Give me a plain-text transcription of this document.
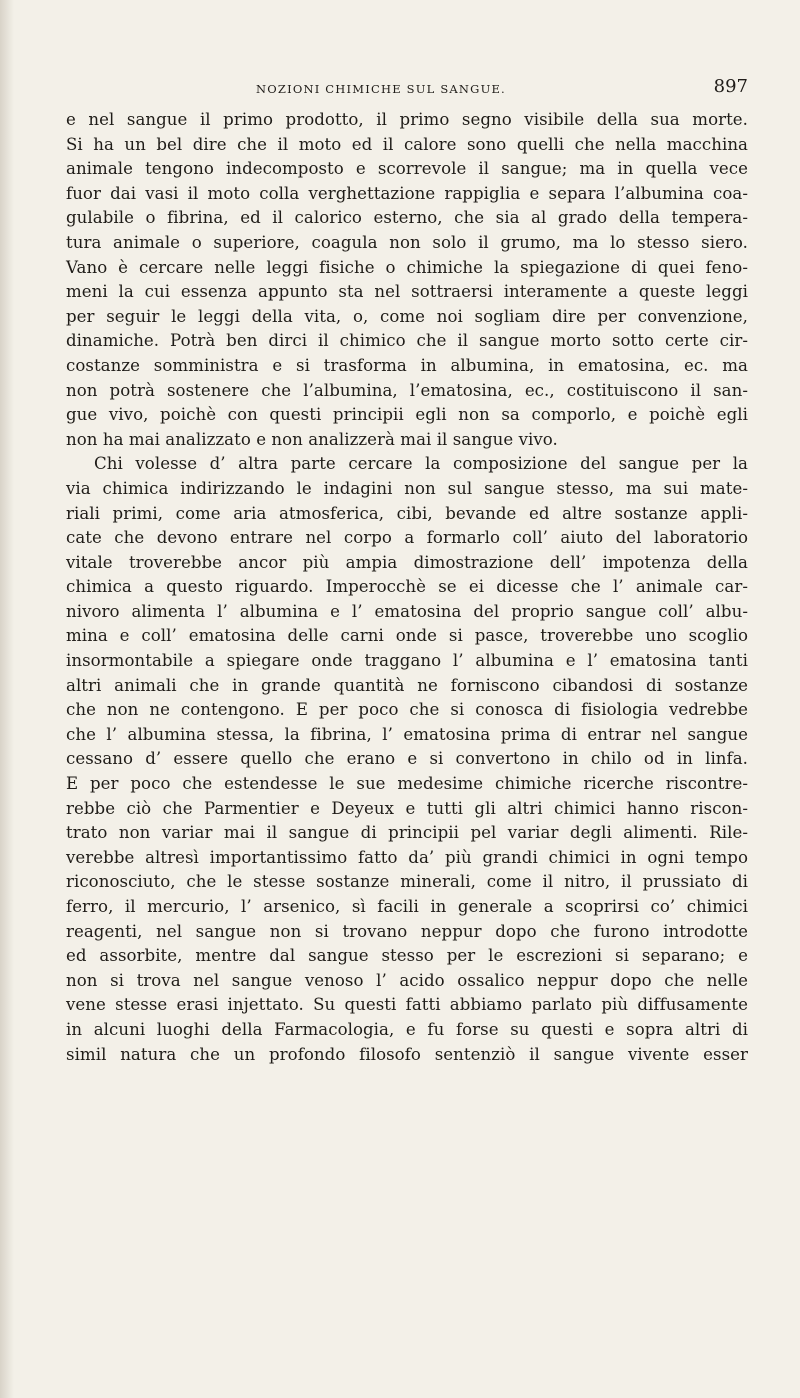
NOZIONI CHIMICHE SUL SANGUE.	897
e nel sangue il primo prodotto, il primo segno visibile della sua morte.
Si ha un bel dire che il moto ed il calore sono quelli che nella macchina
animale tengono indecomposto e scorrevole il sangue; ma in quella vece
fuor dai vasi il moto colla verghettazione rappiglia e separa l’albumina coa-
gulabile o fibrina, ed il calorico esterno, che sia al grado della tempera-
tura animale o superiore, coagula non solo il grumo, ma lo stesso siero.
Vano è cercare nelle leggi fisiche o chimiche la spiegazione di quei feno-
meni la cui essenza appunto sta nel sottraersi interamente a queste leggi
per seguir le leggi della vita, o, come noi sogliam dire per convenzione,
dinamiche. Potrà ben dirci il chimico che il sangue morto sotto certe cir-
costanze somministra e si trasforma in albumina, in ematosina, ec. ma
non potrà sostenere che l’albumina, l’ematosina, ec., costituiscono il san-
gue vivo, poichè con questi principii egli non sa comporlo, e poichè egli
non ha mai analizzato e non analizzerà mai il sangue vivo.
Chi volesse d’ altra parte cercare la composizione del sangue per la
via chimica indirizzando le indagini non sul sangue stesso, ma sui mate-
riali primi, come aria atmosferica, cibi, bevande ed altre sostanze appli-
cate che devono entrare nel corpo a formarlo coll’ aiuto del laboratorio
vitale troverebbe ancor più ampia dimostrazione dell’ impotenza della
chimica a questo riguardo. Imperocchè se ei dicesse che l’ animale car-
nivoro alimenta l’ albumina e l’ ematosina del proprio sangue coll’ albu-
mina e coll’ ematosina delle carni onde si pasce, troverebbe uno scoglio
insormontabile a spiegare onde traggano l’ albumina e l’ ematosina tanti
altri animali che in grande quantità ne forniscono cibandosi di sostanze
che non ne contengono. E per poco che si conosca di fisiologia vedrebbe
che l’ albumina stessa, la fibrina, l’ ematosina prima di entrar nel sangue
cessano d’ essere quello che erano e si convertono in chilo od in linfa.
E per poco che estendesse le sue medesime chimiche ricerche riscontre-
rebbe ciò che Parmentier e Deyeux e tutti gli altri chimici hanno riscon-
trato non variar mai il sangue di principii pel variar degli alimenti. Rile-
verebbe altresì importantissimo fatto da’ più grandi chimici in ogni tempo
riconosciuto, che le stesse sostanze minerali, come il nitro, il prussiato di
ferro, il mercurio, l’ arsenico, sì facili in generale a scoprirsi co’ chimici
reagenti, nel sangue non si trovano neppur dopo che furono introdotte
ed assorbite, mentre dal sangue stesso per le escrezioni si separano; e
non si trova nel sangue venoso l’ acido ossalico neppur dopo che nelle
vene stesse erasi injettato. Su questi fatti abbiamo parlato più diffusamente
in alcuni luoghi della Farmacologia, e fu forse su questi e sopra altri di
simil natura che un profondo filosofo sentenziò il sangue vivente esser
